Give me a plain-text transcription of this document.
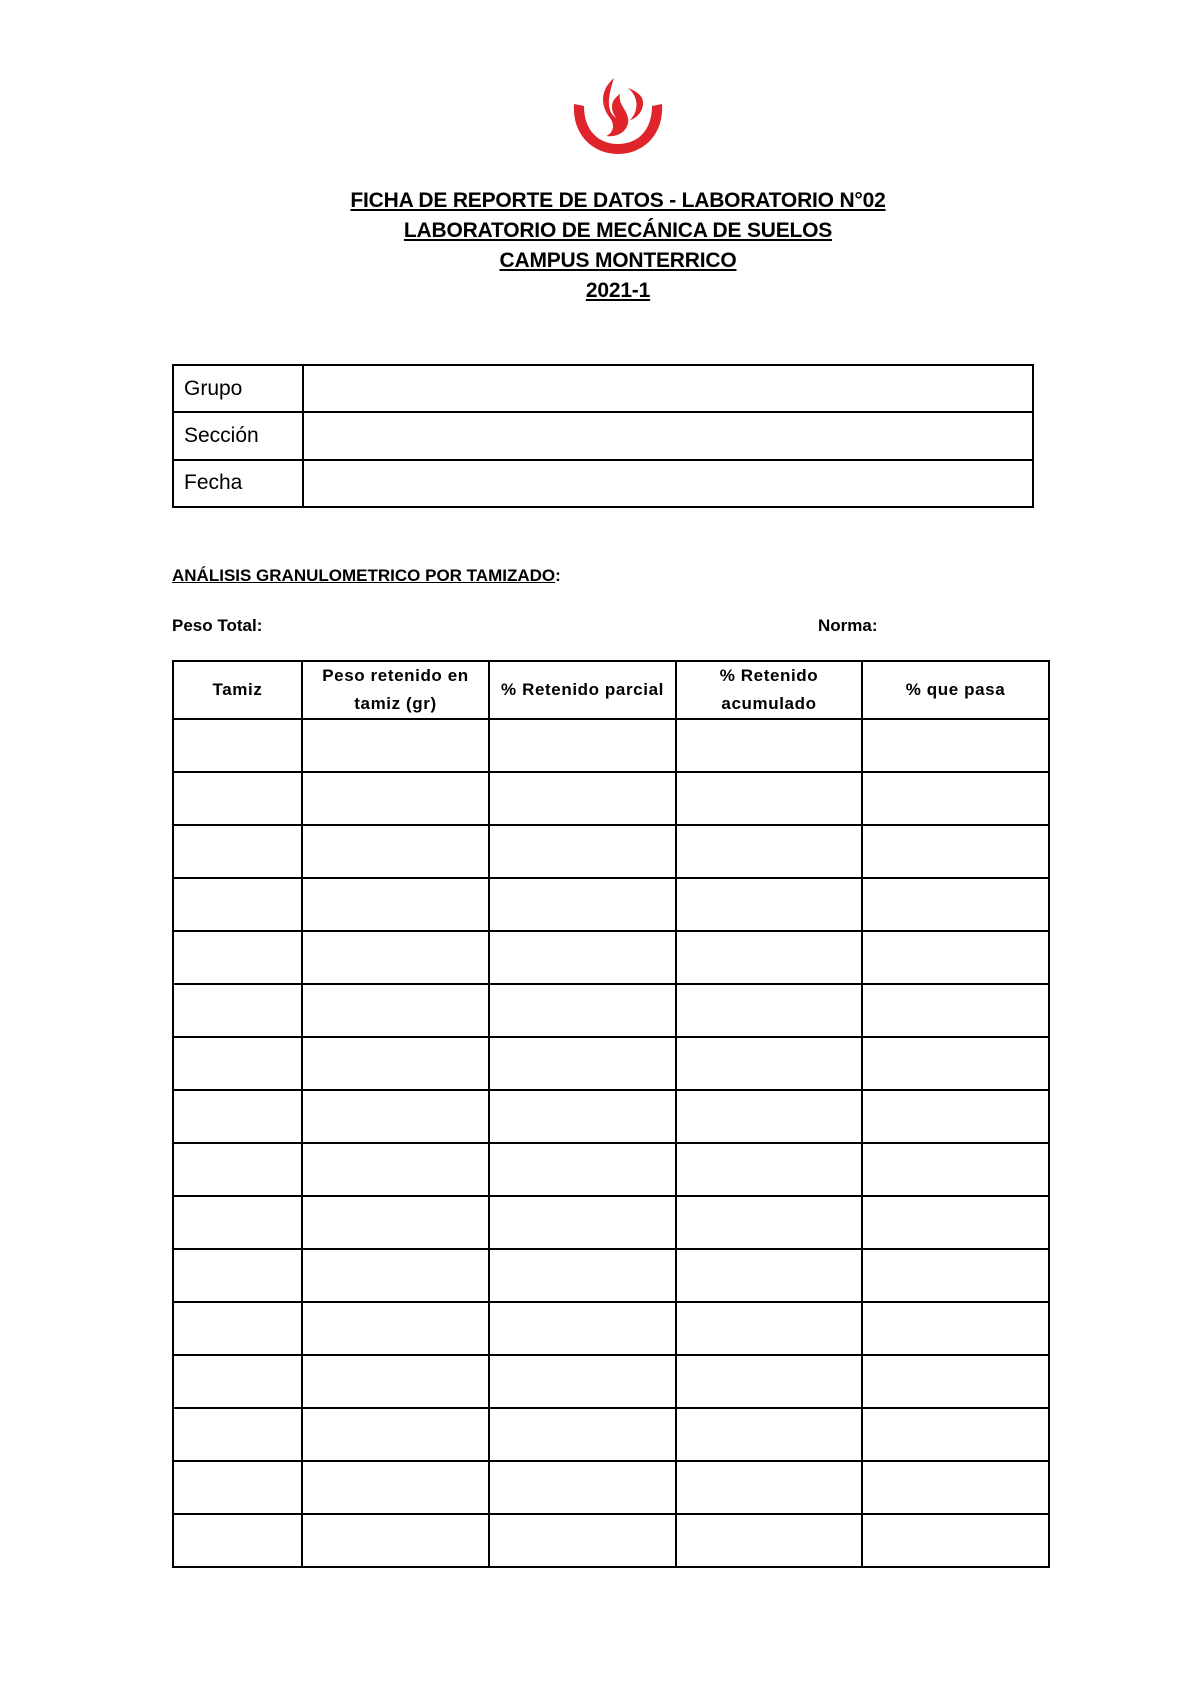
FICHA DE REPORTE DE DATOS - LABORATORIO N°02
LABORATORIO DE MECÁNICA DE SUELOS
CAMPUS MONTERRICO
2021-1
Grupo	
Sección	
Fecha	
ANÁLISIS GRANULOMETRICO POR TAMIZADO:
Peso Total:	Norma:
Tamiz	Peso retenido en tamiz (gr)	% Retenido parcial	% Retenido acumulado	% que pasa
